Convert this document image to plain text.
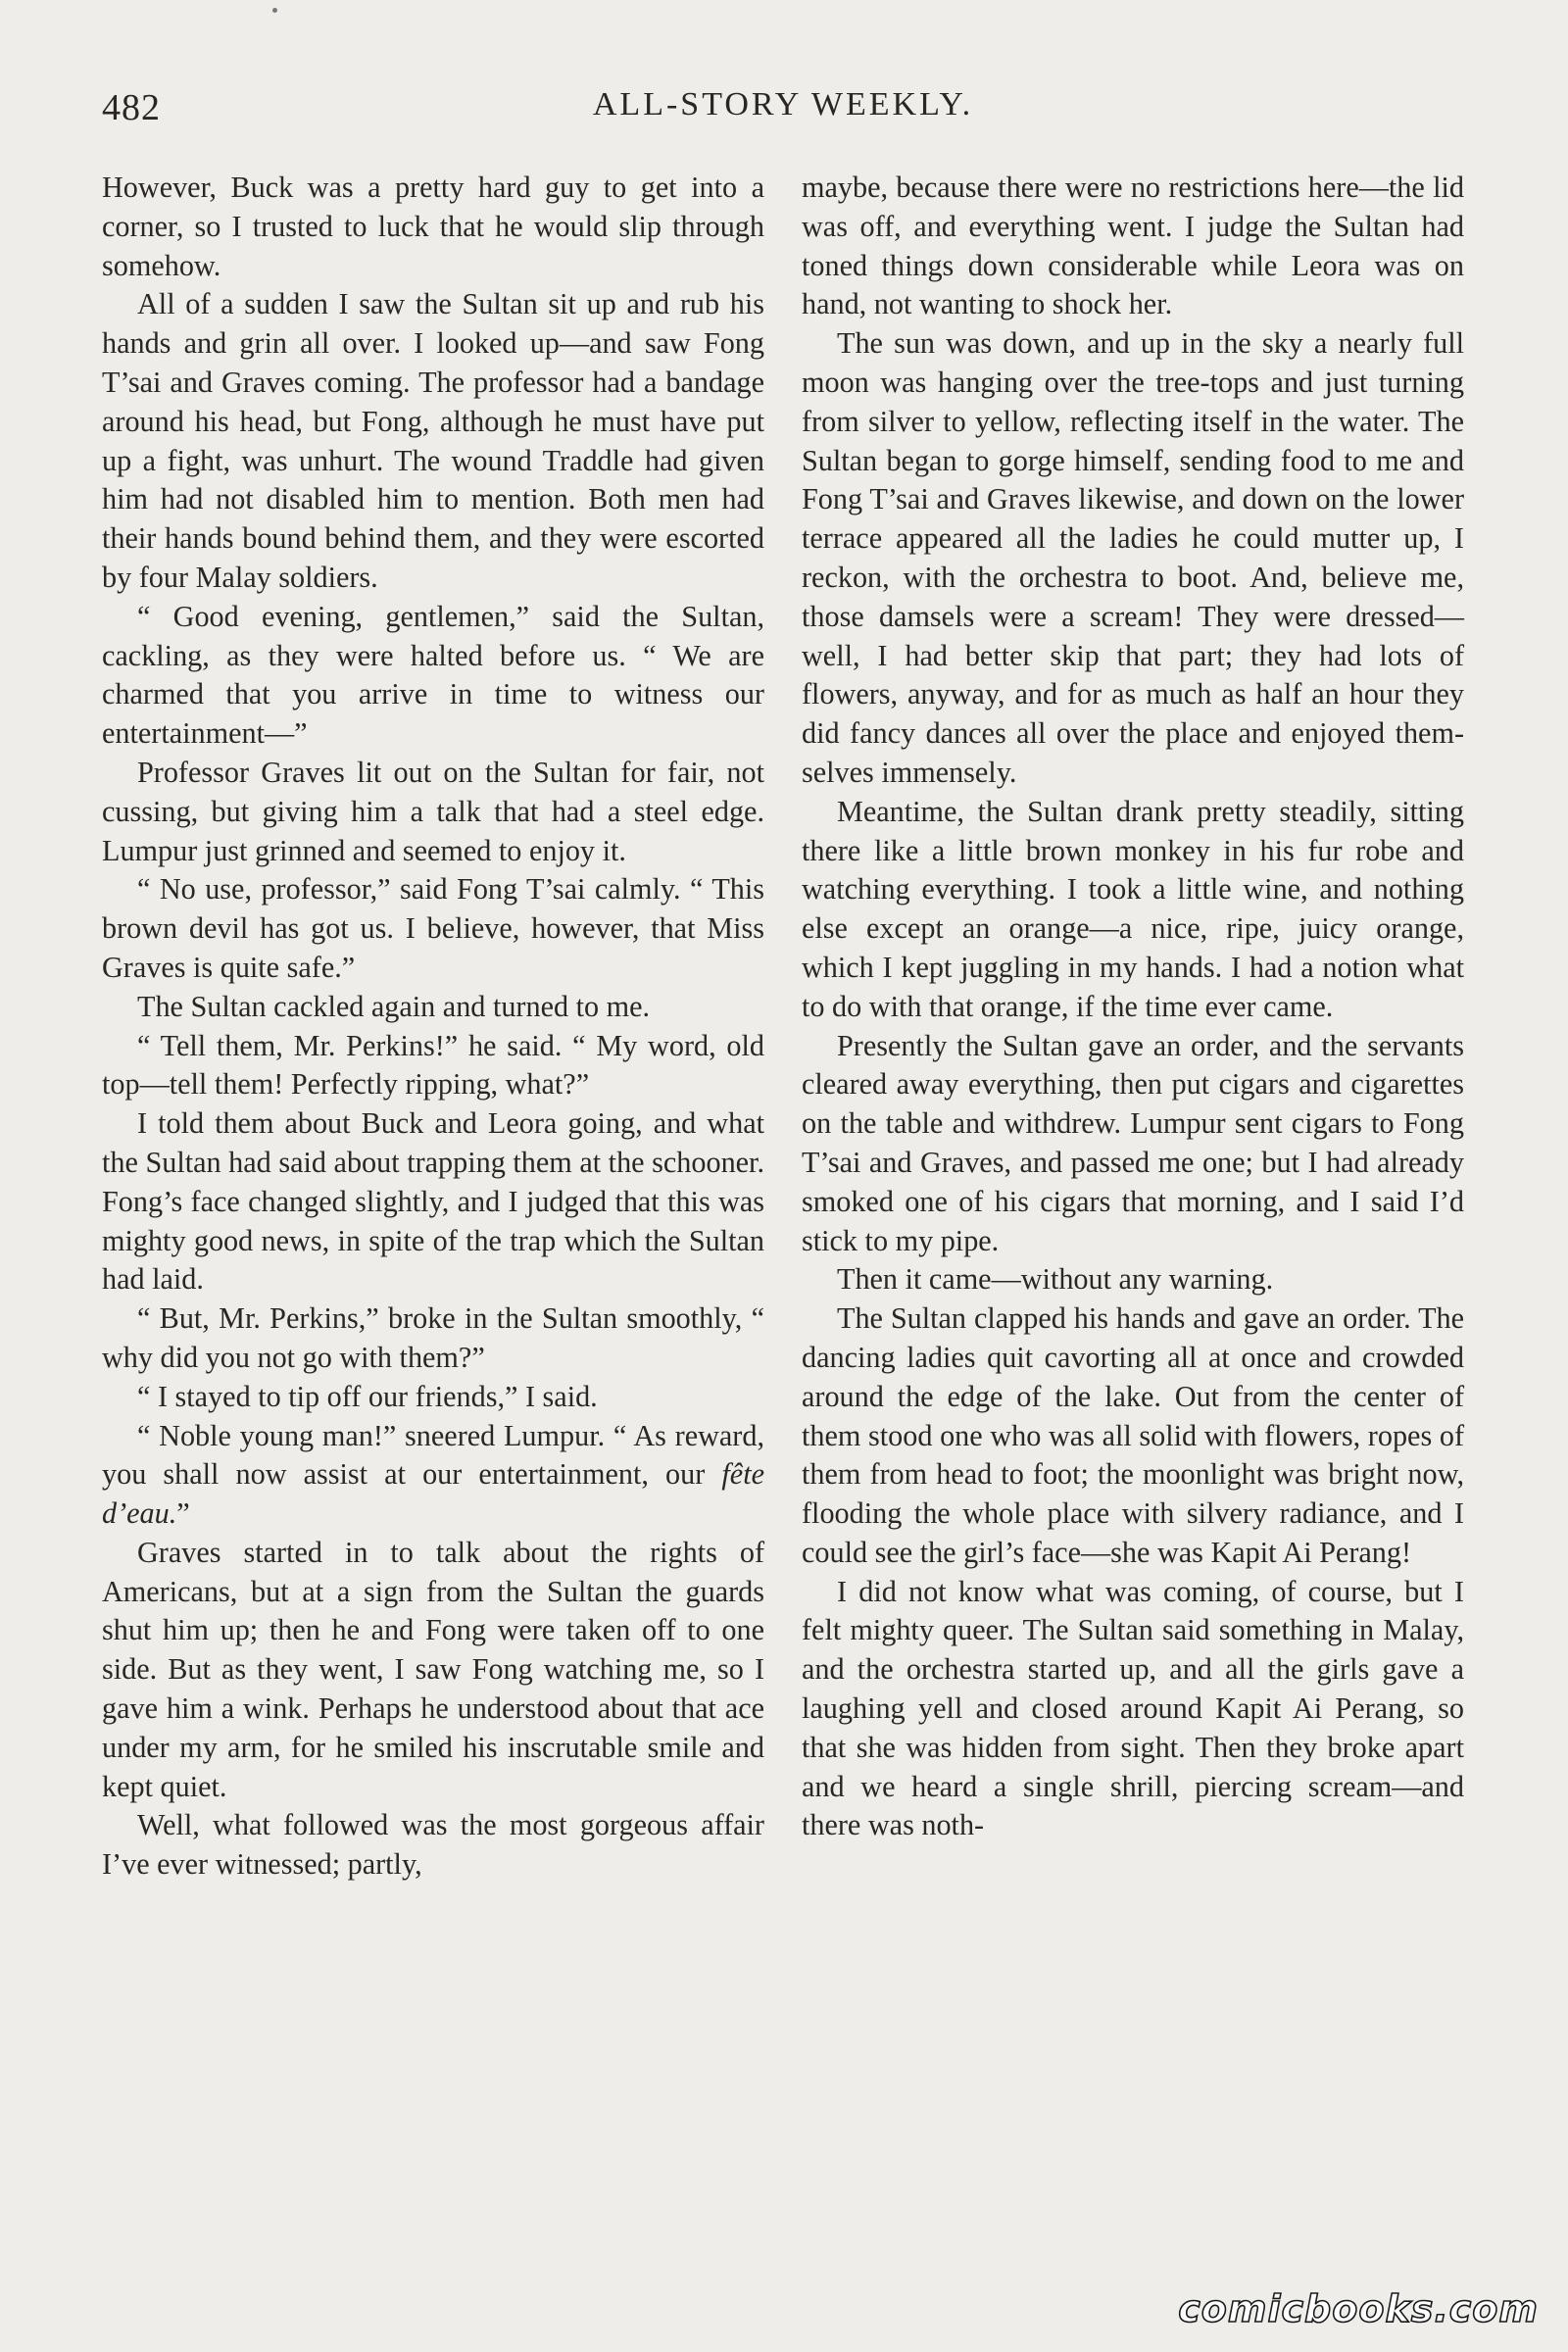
482	ALL-STORY WEEKLY.

However, Buck was a pretty hard guy to get into a corner, so I trusted to luck that he would slip through somehow.

All of a sudden I saw the Sultan sit up and rub his hands and grin all over. I looked up—and saw Fong T’sai and Graves coming. The professor had a bandage around his head, but Fong, although he must have put up a fight, was unhurt. The wound Traddle had given him had not disabled him to mention. Both men had their hands bound behind them, and they were escorted by four Malay soldiers.

“ Good evening, gentlemen,” said the Sultan, cackling, as they were halted before us. “ We are charmed that you arrive in time to witness our entertainment—”

Professor Graves lit out on the Sultan for fair, not cussing, but giving him a talk that had a steel edge. Lumpur just grinned and seemed to enjoy it.

“ No use, professor,” said Fong T’sai calmly. “ This brown devil has got us. I believe, however, that Miss Graves is quite safe.”

The Sultan cackled again and turned to me.

“ Tell them, Mr. Perkins!” he said. “ My word, old top—tell them! Perfectly ripping, what?”

I told them about Buck and Leora going, and what the Sultan had said about trapping them at the schooner. Fong’s face changed slightly, and I judged that this was mighty good news, in spite of the trap which the Sultan had laid.

“ But, Mr. Perkins,” broke in the Sultan smoothly, “ why did you not go with them?”

“ I stayed to tip off our friends,” I said.

“ Noble young man!” sneered Lumpur. “ As reward, you shall now assist at our entertainment, our fête d’eau.”

Graves started in to talk about the rights of Americans, but at a sign from the Sultan the guards shut him up; then he and Fong were taken off to one side. But as they went, I saw Fong watching me, so I gave him a wink. Perhaps he understood about that ace under my arm, for he smiled his inscrutable smile and kept quiet.

Well, what followed was the most gorgeous affair I’ve ever witnessed; partly,

maybe, because there were no restrictions here—the lid was off, and everything went. I judge the Sultan had toned things down considerable while Leora was on hand, not wanting to shock her.

The sun was down, and up in the sky a nearly full moon was hanging over the tree-tops and just turning from silver to yellow, reflecting itself in the water. The Sultan began to gorge himself, sending food to me and Fong T’sai and Graves likewise, and down on the lower terrace appeared all the ladies he could mutter up, I reckon, with the orchestra to boot. And, believe me, those damsels were a scream! They were dressed—well, I had better skip that part; they had lots of flowers, anyway, and for as much as half an hour they did fancy dances all over the place and enjoyed themselves immensely.

Meantime, the Sultan drank pretty steadily, sitting there like a little brown monkey in his fur robe and watching everything. I took a little wine, and nothing else except an orange—a nice, ripe, juicy orange, which I kept juggling in my hands. I had a notion what to do with that orange, if the time ever came.

Presently the Sultan gave an order, and the servants cleared away everything, then put cigars and cigarettes on the table and withdrew. Lumpur sent cigars to Fong T’sai and Graves, and passed me one; but I had already smoked one of his cigars that morning, and I said I’d stick to my pipe.

Then it came—without any warning.

The Sultan clapped his hands and gave an order. The dancing ladies quit cavorting all at once and crowded around the edge of the lake. Out from the center of them stood one who was all solid with flowers, ropes of them from head to foot; the moonlight was bright now, flooding the whole place with silvery radiance, and I could see the girl’s face—she was Kapit Ai Perang!

I did not know what was coming, of course, but I felt mighty queer. The Sultan said something in Malay, and the orchestra started up, and all the girls gave a laughing yell and closed around Kapit Ai Perang, so that she was hidden from sight. Then they broke apart and we heard a single shrill, piercing scream—and there was noth-

comicbooks.com
